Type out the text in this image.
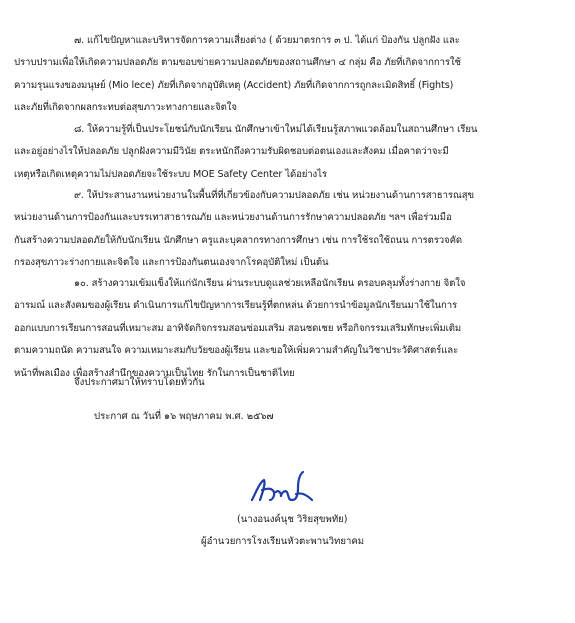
๗. แก้ไขปัญหาและบริหารจัดการความเสี่ยงต่าง ( ด้วยมาตรการ ๓ ป. ได้แก่ ป้องกัน ปลูกฝัง และ
ปราบปรามเพื่อให้เกิดความปลอดภัย ตามขอบข่ายความปลอดภัยของสถานศึกษา ๔ กลุ่ม คือ ภัยที่เกิดจากการใช้
ความรุนแรงของมนุษย์ (Mio lece) ภัยที่เกิดจากอุบัติเหตุ (Accident) ภัยที่เกิดจากการถูกละเมิดสิทธิ์ (Fights)
และภัยที่เกิดจากผลกระทบต่อสุขภาวะทางกายและจิตใจ
๘. ให้ความรู้ที่เป็นประโยชน์กับนักเรียน นักศึกษาเข้าใหม่ได้เรียนรู้สภาพแวดล้อมในสถานศึกษา เรียน
และอยู่อย่างไรให้ปลอดภัย ปลูกฝังความมีวินัย ตระหนักถึงความรับผิดชอบต่อตนเองและสังคม เมื่อคาดว่าจะมี
เหตุหรือเกิดเหตุความไม่ปลอดภัยจะใช้ระบบ MOE Safety Center ได้อย่างไร
๙. ให้ประสานงานหน่วยงานในพื้นที่ที่เกี่ยวข้องกับความปลอดภัย เช่น หน่วยงานด้านการสาธารณสุข
หน่วยงานด้านการป้องกันและบรรเทาสาธารณภัย และหน่วยงานด้านการรักษาความปลอดภัย ฯลฯ เพื่อร่วมมือ
กันสร้างความปลอดภัยให้กับนักเรียน นักศึกษา ครูและบุคลากรทางการศึกษา เช่น การใช้รถใช้ถนน การตรวจคัด
กรองสุขภาวะร่างกายและจิตใจ และการป้องกันตนเองจากโรคอุบัติใหม่ เป็นต้น
๑๐. สร้างความเข้มแข็งให้แก่นักเรียน ผ่านระบบดูแลช่วยเหลือนักเรียน ครอบคลุมทั้งร่างกาย จิตใจ
อารมณ์ และสังคมของผู้เรียน ดำเนินการแก้ไขปัญหาการเรียนรู้ที่ตกหล่น ด้วยการนำข้อมูลนักเรียนมาใช้ในการ
ออกแบบการเรียนการสอนที่เหมาะสม อาทิจัดกิจกรรมสอนซ่อมเสริม สอนชดเชย หรือกิจกรรมเสริมทักษะเพิ่มเติม
ตามความถนัด ความสนใจ ความเหมาะสมกับวัยของผู้เรียน และขอให้เพิ่มความสำคัญในวิชาประวัติศาสตร์และ
หน้าที่พลเมือง เพื่อสร้างสำนึกของความเป็นไทย รักในการเป็นชาติไทย
จึงประกาศมาให้ทราบโดยทั่วกัน
ประกาศ ณ วันที่ ๑๖ พฤษภาคม พ.ศ. ๒๕๖๗
(นางอนงค์นุช วิริยสุขพทัย)
ผู้อำนวยการโรงเรียนหัวตะพานวิทยาคม
